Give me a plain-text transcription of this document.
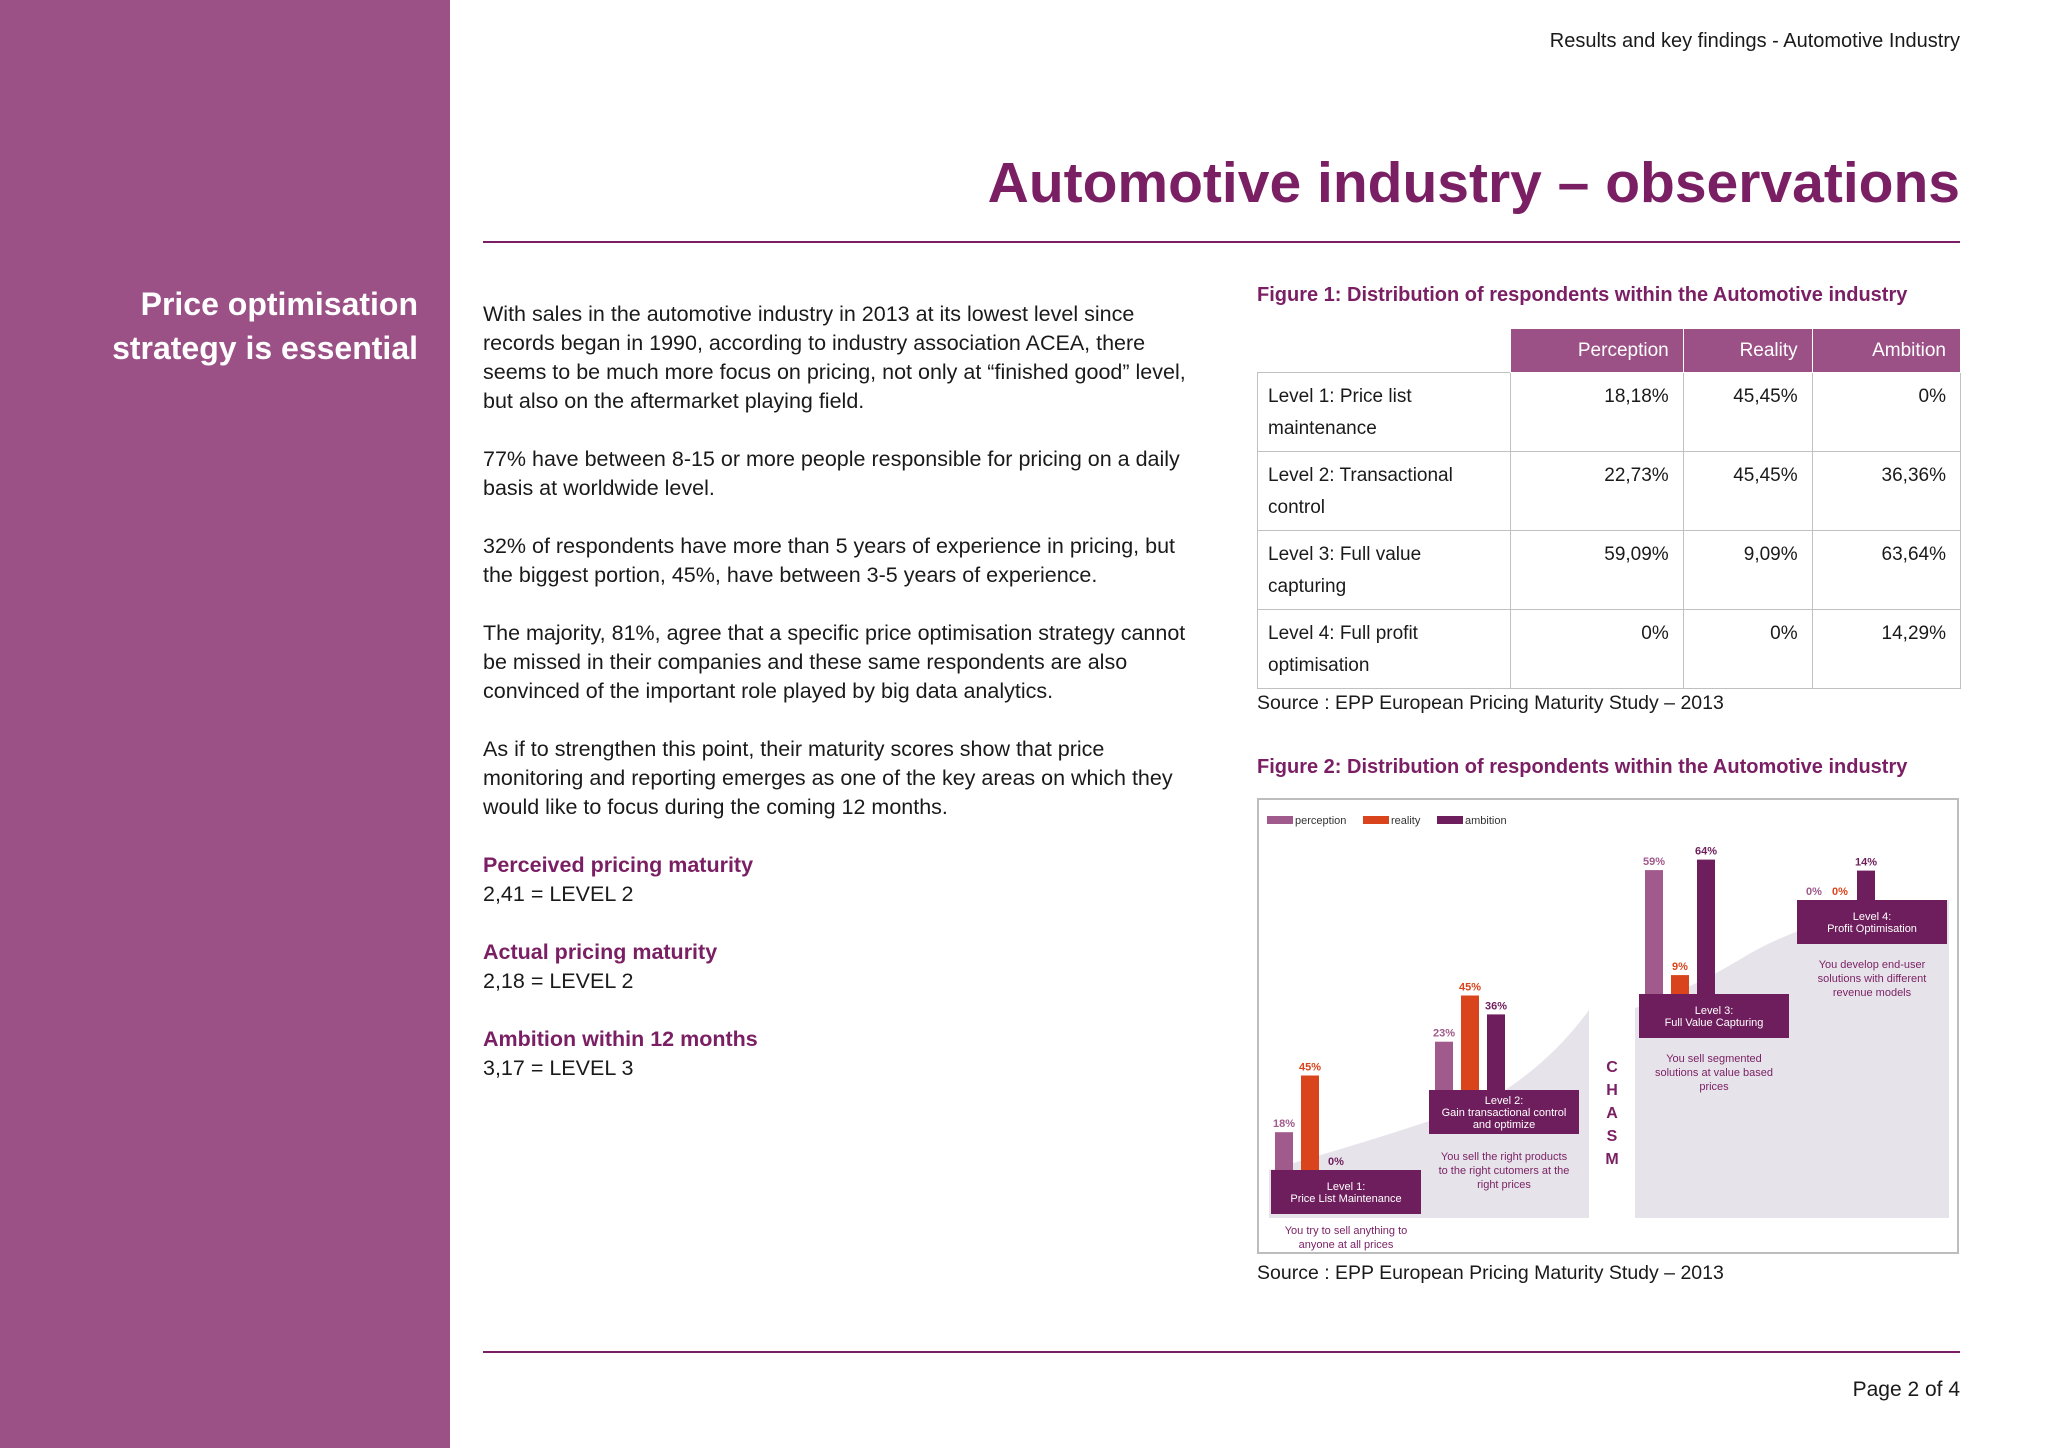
Price optimisation
strategy is essential
Results and key findings - Automotive Industry
Automotive industry – observations

With sales in the automotive industry in 2013 at its lowest level since records began in 1990, according to industry association ACEA, there seems to be much more focus on pricing, not only at “finished good” level, but also on the aftermarket playing field.

77% have between 8-15 or more people responsible for pricing on a daily basis at worldwide level.

32% of respondents have more than 5 years of experience in pricing, but the biggest portion, 45%, have between 3-5 years of experience.

The majority, 81%, agree that a specific price optimisation strategy cannot be missed in their companies and these same respondents are also convinced of the important role played by big data analytics.

As if to strengthen this point, their maturity scores show that price monitoring and reporting emerges as one of the key areas on which they would like to focus during the coming 12 months.

Perceived pricing maturity
2,41 = LEVEL 2
Actual pricing maturity
2,18 = LEVEL 2
Ambition within 12 months
3,17 = LEVEL 3
Figure 1: Distribution of respondents within the Automotive industry
	Perception	Reality	Ambition
Level 1: Price list
maintenance	18,18%	45,45%	0%
Level 2: Transactional
control	22,73%	45,45%	36,36%
Level 3: Full value
capturing	59,09%	9,09%	63,64%
Level 4: Full profit
optimisation	0%	0%	14,29%
Source : EPP European Pricing Maturity Study – 2013
Figure 2: Distribution of respondents within the Automotive industry
perception	reality	ambition
C H A S M
18%
45%
0%
23%
45%
36%
59%
9%
64%
0% 0%
14%
Level 1:
Price List Maintenance
You try to sell anything to
anyone at all prices
Level 2:
Gain transactional control
and optimize
You sell the right products
to the right cutomers at the
right prices
Level 3:
Full Value Capturing
You sell segmented
solutions at value based
prices
Level 4:
Profit Optimisation
You develop end-user
solutions with different
revenue models
Source : EPP European Pricing Maturity Study – 2013
Page 2 of 4
